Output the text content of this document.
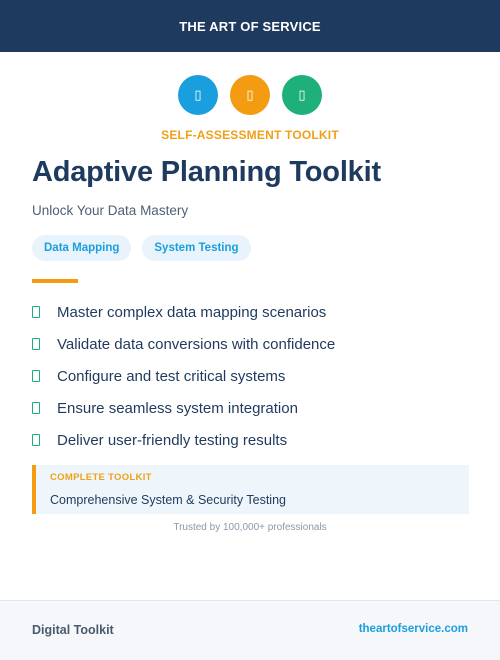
THE ART OF SERVICE
▯	▯	▯
SELF-ASSESSMENT TOOLKIT
Adaptive Planning Toolkit
Unlock Your Data Mastery
Data Mapping	System Testing
Master complex data mapping scenarios
Validate data conversions with confidence
Configure and test critical systems
Ensure seamless system integration
Deliver user-friendly testing results
COMPLETE TOOLKIT
Comprehensive System & Security Testing
Trusted by 100,000+ professionals
Digital Toolkit	theartofservice.com
